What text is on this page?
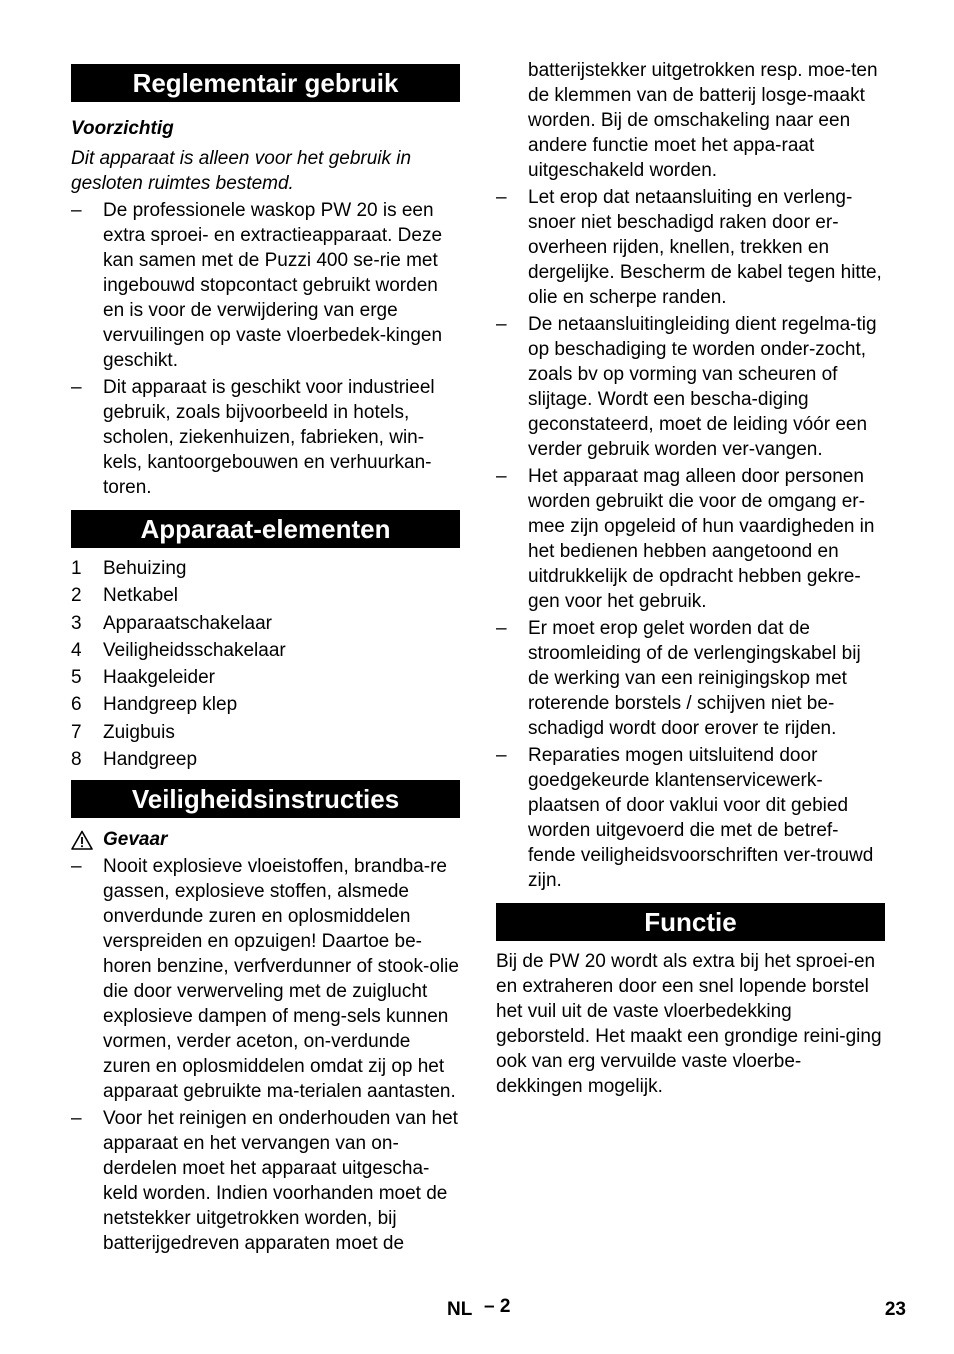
Reglementair gebruik

Voorzichtig

Dit apparaat is alleen voor het gebruik in gesloten ruimtes bestemd.

– De professionele waskop PW 20 is een extra sproei- en extractieapparaat. Deze kan samen met de Puzzi 400 se-rie met ingebouwd stopcontact gebruikt worden en is voor de verwijdering van erge vervuilingen op vaste vloerbedek-kingen geschikt.
– Dit apparaat is geschikt voor industrieel gebruik, zoals bijvoorbeeld in hotels, scholen, ziekenhuizen, fabrieken, win-kels, kantoorgebouwen en verhuurkan-toren.
Apparaat-elementen
1 Behuizing
2 Netkabel
3 Apparaatschakelaar
4 Veiligheidsschakelaar
5 Haakgeleider
6 Handgreep klep
7 Zuigbuis
8 Handgreep
Veiligheidsinstructies
Gevaar
– Nooit explosieve vloeistoffen, brandba-re gassen, explosieve stoffen, alsmede onverdunde zuren en oplosmiddelen verspreiden en opzuigen! Daartoe be-horen benzine, verfverdunner of stook-olie die door verwerveling met de zuiglucht explosieve dampen of meng-sels kunnen vormen, verder aceton, on-verdunde zuren en oplosmiddelen omdat zij op het apparaat gebruikte ma-terialen aantasten.
– Voor het reinigen en onderhouden van het apparaat en het vervangen van on-derdelen moet het apparaat uitgescha-keld worden. Indien voorhanden moet de netstekker uitgetrokken worden, bij batterijgedreven apparaten moet de
batterijstekker uitgetrokken resp. moe-ten de klemmen van de batterij losge-maakt worden. Bij de omschakeling naar een andere functie moet het appa-raat uitgeschakeld worden.
– Let erop dat netaansluiting en verleng-snoer niet beschadigd raken door er-overheen rijden, knellen, trekken en dergelijke. Bescherm de kabel tegen hitte, olie en scherpe randen.
– De netaansluitingleiding dient regelma-tig op beschadiging te worden onder-zocht, zoals bv op vorming van scheuren of slijtage. Wordt een bescha-diging geconstateerd, moet de leiding vóór een verder gebruik worden ver-vangen.
– Het apparaat mag alleen door personen worden gebruikt die voor de omgang er-mee zijn opgeleid of hun vaardigheden in het bedienen hebben aangetoond en uitdrukkelijk de opdracht hebben gekre-gen voor het gebruik.
– Er moet erop gelet worden dat de stroomleiding of de verlengingskabel bij de werking van een reinigingskop met roterende borstels / schijven niet be-schadigd wordt door erover te rijden.
– Reparaties mogen uitsluitend door goedgekeurde klantenservicewerk-plaatsen of door vaklui voor dit gebied worden uitgevoerd die met de betref-fende veiligheidsvoorschriften ver-trouwd zijn.
Functie

Bij de PW 20 wordt als extra bij het sproei-en en extraheren door een snel lopende borstel het vuil uit de vaste vloerbedekking geborsteld. Het maakt een grondige reini-ging ook van erg vervuilde vaste vloerbe-dekkingen mogelijk.

NL – 2	23
